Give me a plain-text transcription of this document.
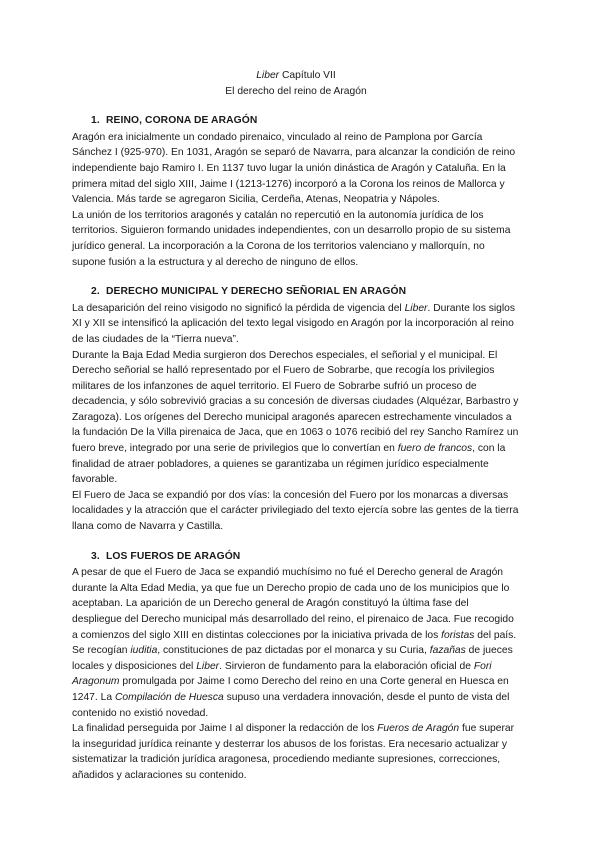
Liber Capítulo VII

El derecho del reino de Aragón

1. REINO, CORONA DE ARAGÓN

Aragón era inicialmente un condado pirenaico, vinculado al reino de Pamplona por García Sánchez I (925-970). En 1031, Aragón se separó de Navarra, para alcanzar la condición de reino independiente bajo Ramiro I. En 1137 tuvo lugar la unión dinástica de Aragón y Cataluña. En la primera mitad del siglo XIII, Jaime I (1213-1276) incorporó a la Corona los reinos de Mallorca y Valencia. Más tarde se agregaron Sicilia, Cerdeña, Atenas, Neopatria y Nápoles.

La unión de los territorios aragonés y catalán no repercutió en la autonomía jurídica de los territorios. Siguieron formando unidades independientes, con un desarrollo propio de su sistema jurídico general. La incorporación a la Corona de los territorios valenciano y mallorquín, no supone fusión a la estructura y al derecho de ninguno de ellos.

2. DERECHO MUNICIPAL Y DERECHO SEÑORIAL EN ARAGÓN

La desaparición del reino visigodo no significó la pérdida de vigencia del Liber. Durante los siglos XI y XII se intensificó la aplicación del texto legal visigodo en Aragón por la incorporación al reino de las ciudades de la “Tierra nueva”.

Durante la Baja Edad Media surgieron dos Derechos especiales, el señorial y el municipal. El Derecho señorial se halló representado por el Fuero de Sobrarbe, que recogía los privilegios militares de los infanzones de aquel territorio. El Fuero de Sobrarbe sufrió un proceso de decadencia, y sólo sobrevivió gracias a su concesión de diversas ciudades (Alquézar, Barbastro y Zaragoza). Los orígenes del Derecho municipal aragonés aparecen estrechamente vinculados a la fundación De la Villa pirenaica de Jaca, que en 1063 o 1076 recibió del rey Sancho Ramírez un fuero breve, integrado por una serie de privilegios que lo convertían en fuero de francos, con la finalidad de atraer pobladores, a quienes se garantizaba un régimen jurídico especialmente favorable.

El Fuero de Jaca se expandió por dos vías: la concesión del Fuero por los monarcas a diversas localidades y la atracción que el carácter privilegiado del texto ejercía sobre las gentes de la tierra llana como de Navarra y Castilla.

3. LOS FUEROS DE ARAGÓN

A pesar de que el Fuero de Jaca se expandió muchísimo no fué el Derecho general de Aragón durante la Alta Edad Media, ya que fue un Derecho propio de cada uno de los municipios que lo aceptaban. La aparición de un Derecho general de Aragón constituyó la última fase del despliegue del Derecho municipal más desarrollado del reino, el pirenaico de Jaca. Fue recogido a comienzos del siglo XIII en distintas colecciones por la iniciativa privada de los foristas del país. Se recogían iuditia, constituciones de paz dictadas por el monarca y su Curia, fazañas de jueces locales y disposiciones del Liber. Sirvieron de fundamento para la elaboración oficial de Fori Aragonum promulgada por Jaime I como Derecho del reino en una Corte general en Huesca en 1247. La Compilación de Huesca supuso una verdadera innovación, desde el punto de vista del contenido no existió novedad.

La finalidad perseguida por Jaime I al disponer la redacción de los Fueros de Aragón fue superar la inseguridad jurídica reinante y desterrar los abusos de los foristas. Era necesario actualizar y sistematizar la tradición jurídica aragonesa, procediendo mediante supresiones, correcciones, añadidos y aclaraciones su contenido.
